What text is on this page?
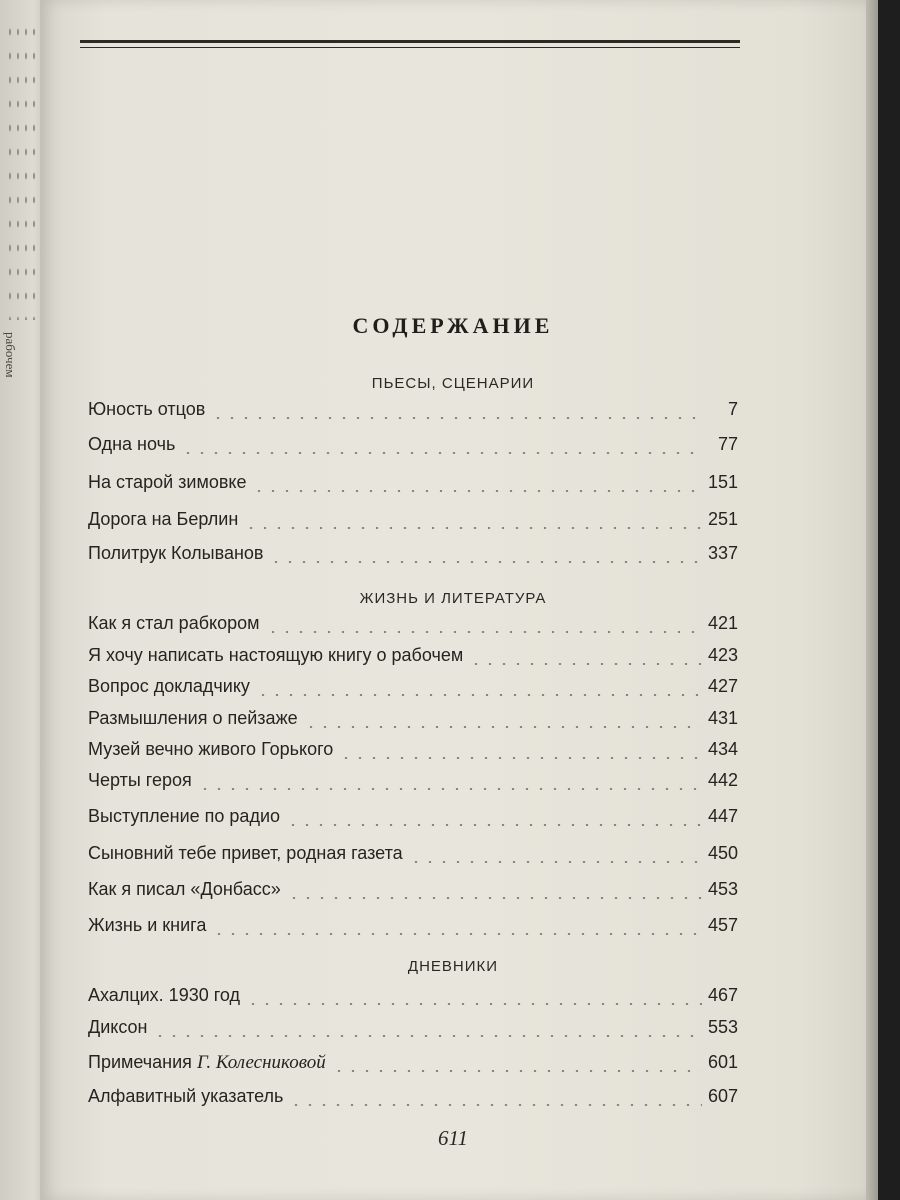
рабочем
СОДЕРЖАНИЕ
ПЬЕСЫ, СЦЕНАРИИ
Юность отцов	7
Одна ночь	77
На старой зимовке	151
Дорога на Берлин	251
Политрук Колыванов	337
ЖИЗНЬ И ЛИТЕРАТУРА
Как я стал рабкором	421
Я хочу написать настоящую книгу о рабочем	423
Вопрос докладчику	427
Размышления о пейзаже	431
Музей вечно живого Горького	434
Черты героя	442
Выступление по радио	447
Сыновний тебе привет, родная газета	450
Как я писал «Донбасс»	453
Жизнь и книга	457
ДНЕВНИКИ
Ахалцих. 1930 год	467
Диксон	553
Примечания Г. Колесниковой	601
Алфавитный указатель	607
611
